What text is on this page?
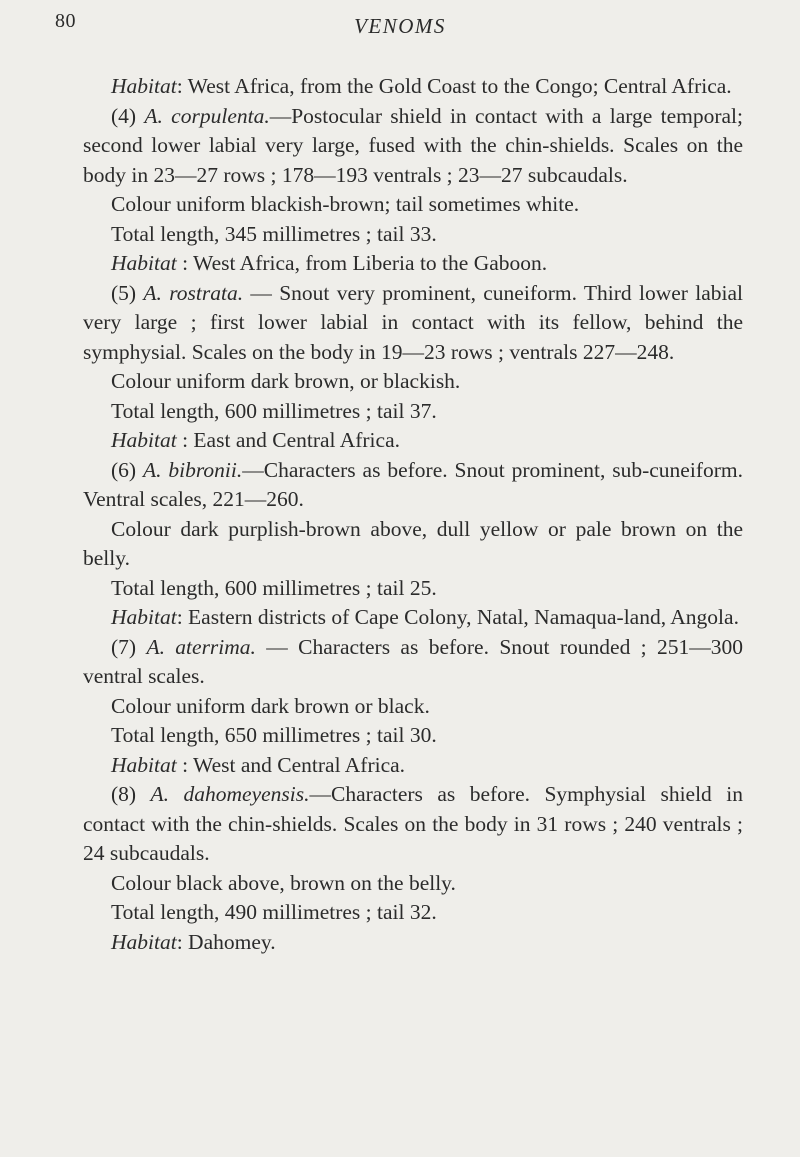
80	VENOMS

Habitat: West Africa, from the Gold Coast to the Congo; Central Africa.

(4) A. corpulenta.—Postocular shield in contact with a large temporal; second lower labial very large, fused with the chin-shields. Scales on the body in 23—27 rows ; 178—193 ventrals ; 23—27 subcaudals.

Colour uniform blackish-brown; tail sometimes white.

Total length, 345 millimetres ; tail 33.

Habitat : West Africa, from Liberia to the Gaboon.

(5) A. rostrata. — Snout very prominent, cuneiform. Third lower labial very large ; first lower labial in contact with its fellow, behind the symphysial. Scales on the body in 19—23 rows ; ventrals 227—248.

Colour uniform dark brown, or blackish.

Total length, 600 millimetres ; tail 37.

Habitat : East and Central Africa.

(6) A. bibronii.—Characters as before. Snout prominent, sub-cuneiform. Ventral scales, 221—260.

Colour dark purplish-brown above, dull yellow or pale brown on the belly.

Total length, 600 millimetres ; tail 25.

Habitat: Eastern districts of Cape Colony, Natal, Namaqua-land, Angola.

(7) A. aterrima. — Characters as before. Snout rounded ; 251—300 ventral scales.

Colour uniform dark brown or black.

Total length, 650 millimetres ; tail 30.

Habitat : West and Central Africa.

(8) A. dahomeyensis.—Characters as before. Symphysial shield in contact with the chin-shields. Scales on the body in 31 rows ; 240 ventrals ; 24 subcaudals.

Colour black above, brown on the belly.

Total length, 490 millimetres ; tail 32.

Habitat: Dahomey.
